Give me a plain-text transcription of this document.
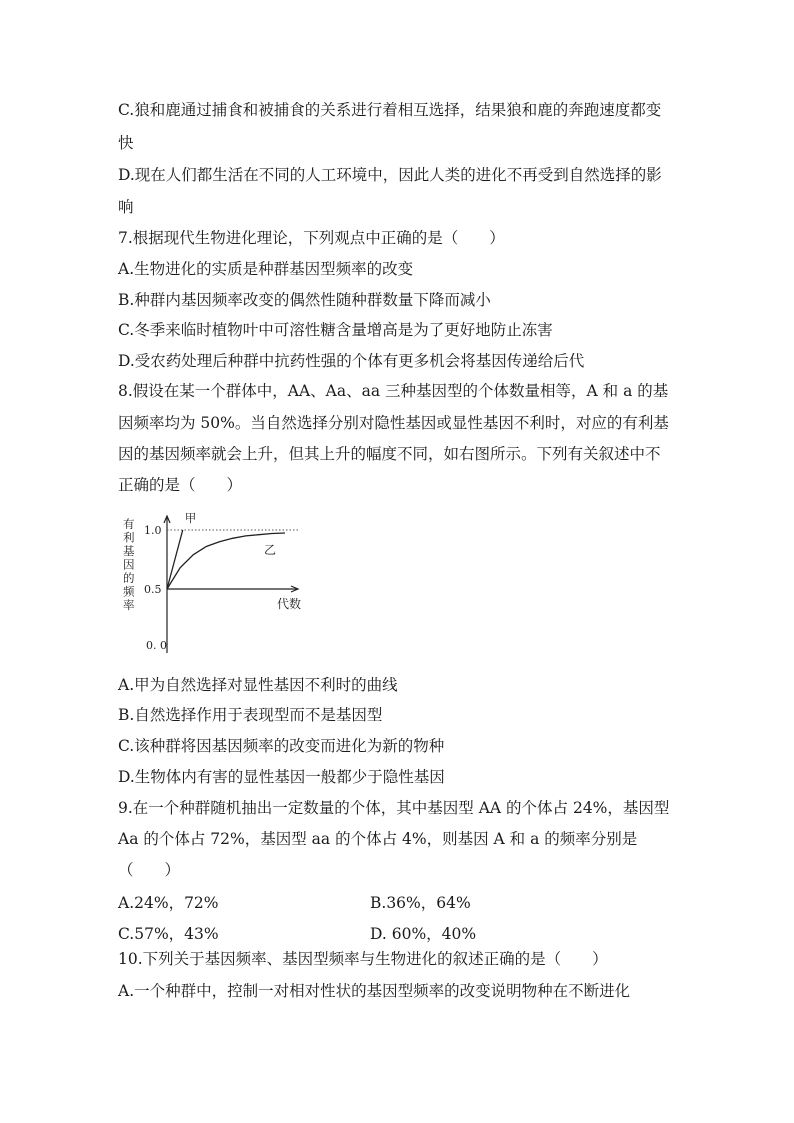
C.狼和鹿通过捕食和被捕食的关系进行着相互选择，结果狼和鹿的奔跑速度都变
快
D.现在人们都生活在不同的人工环境中，因此人类的进化不再受到自然选择的影
响
7.根据现代生物进化理论，下列观点中正确的是（　　）
A.生物进化的实质是种群基因型频率的改变
B.种群内基因频率改变的偶然性随种群数量下降而减小
C.冬季来临时植物叶中可溶性糖含量增高是为了更好地防止冻害
D.受农药处理后种群中抗药性强的个体有更多机会将基因传递给后代
8.假设在某一个群体中，AA、Aa、aa 三种基因型的个体数量相等，A 和 a 的基
因频率均为 50%。当自然选择分别对隐性基因或显性基因不利时，对应的有利基
因的基因频率就会上升，但其上升的幅度不同，如右图所示。下列有关叙述中不
正确的是（　　）
1.0
0.5
0. 0
有
利
基
因
的
频
率	代数
甲
乙
A.甲为自然选择对显性基因不利时的曲线
B.自然选择作用于表现型而不是基因型
C.该种群将因基因频率的改变而进化为新的物种
D.生物体内有害的显性基因一般都少于隐性基因
9.在一个种群随机抽出一定数量的个体，其中基因型 AA 的个体占 24%，基因型
Aa 的个体占 72%，基因型 aa 的个体占 4%，则基因 A 和 a 的频率分别是
（　　）
A.24%，72%	B.36%，64%
C.57%，43%	D. 60%，40%
10.下列关于基因频率、基因型频率与生物进化的叙述正确的是（　　）
A.一个种群中，控制一对相对性状的基因型频率的改变说明物种在不断进化
